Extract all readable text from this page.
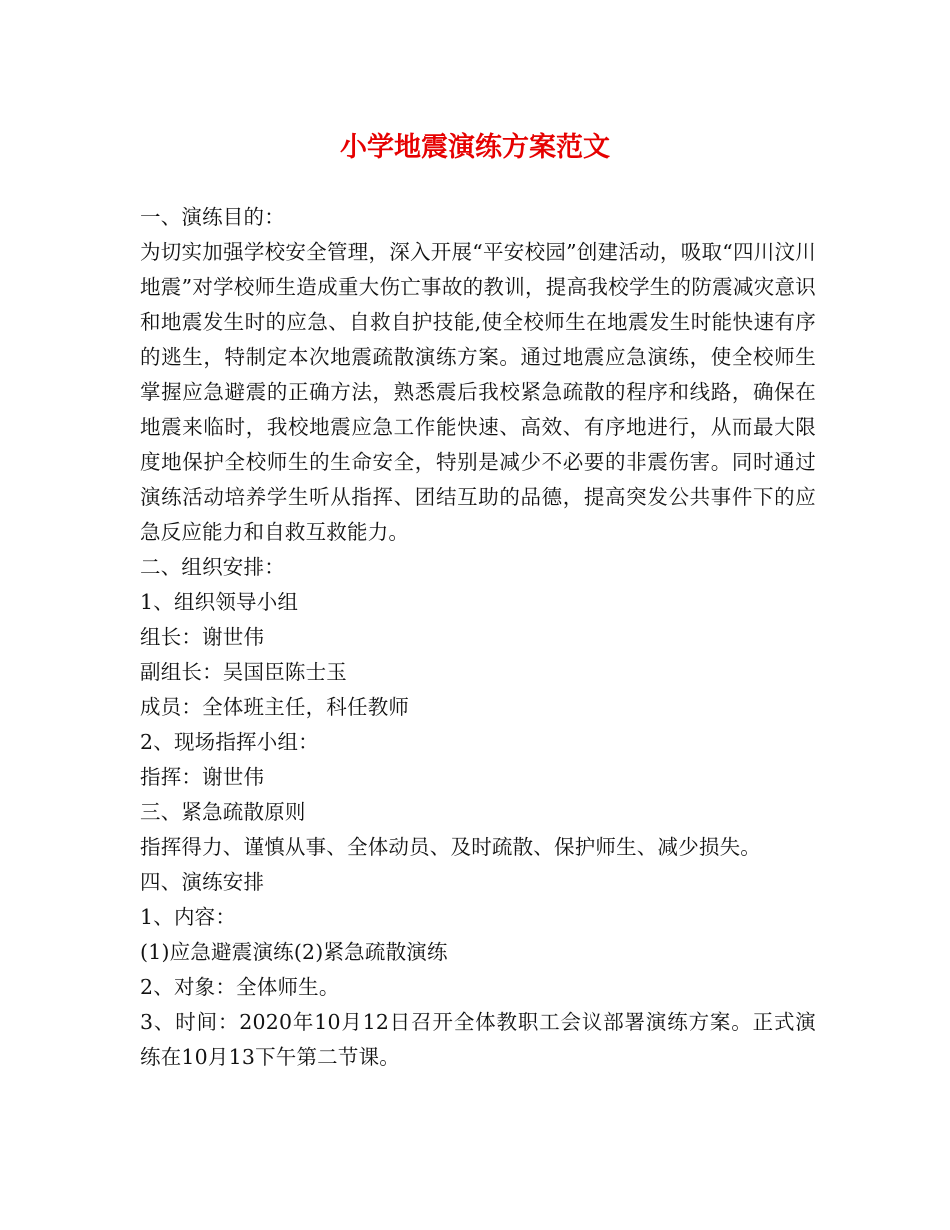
小学地震演练方案范文

一、演练目的：

为切实加强学校安全管理，深入开展“平安校园”创建活动，吸取“四川汶川地震”对学校师生造成重大伤亡事故的教训，提高我校学生的防震减灾意识和地震发生时的应急、自救自护技能,使全校师生在地震发生时能快速有序的逃生，特制定本次地震疏散演练方案。通过地震应急演练，使全校师生掌握应急避震的正确方法，熟悉震后我校紧急疏散的程序和线路，确保在地震来临时，我校地震应急工作能快速、高效、有序地进行，从而最大限度地保护全校师生的生命安全，特别是减少不必要的非震伤害。同时通过演练活动培养学生听从指挥、团结互助的品德，提高突发公共事件下的应急反应能力和自救互救能力。

二、组织安排：

1、组织领导小组

组长：谢世伟

副组长：吴国臣陈士玉

成员：全体班主任，科任教师

2、现场指挥小组：

指挥：谢世伟

三、紧急疏散原则

指挥得力、谨慎从事、全体动员、及时疏散、保护师生、减少损失。

四、演练安排

1、内容：

(1)应急避震演练(2)紧急疏散演练

2、对象：全体师生。

3、时间：2020年10月12日召开全体教职工会议部署演练方案。正式演练在10月13下午第二节课。
